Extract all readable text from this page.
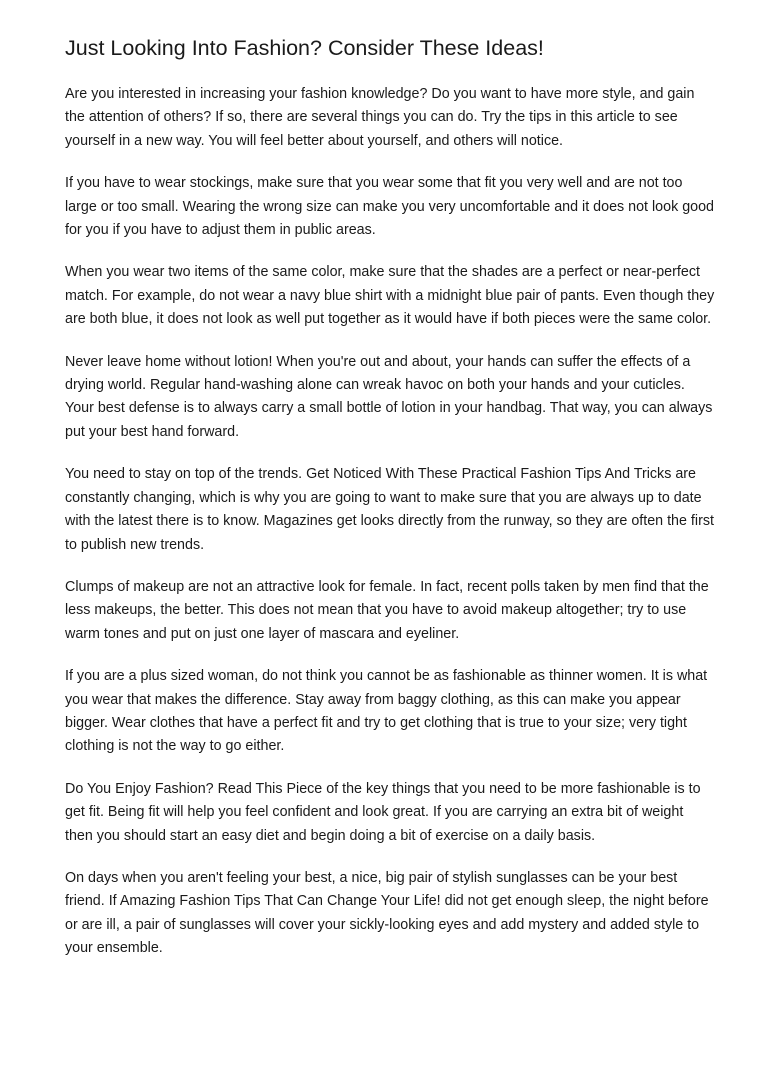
Just Looking Into Fashion? Consider These Ideas!

Are you interested in increasing your fashion knowledge? Do you want to have more style, and gain the attention of others? If so, there are several things you can do. Try the tips in this article to see yourself in a new way. You will feel better about yourself, and others will notice.

If you have to wear stockings, make sure that you wear some that fit you very well and are not too large or too small. Wearing the wrong size can make you very uncomfortable and it does not look good for you if you have to adjust them in public areas.

When you wear two items of the same color, make sure that the shades are a perfect or near-perfect match. For example, do not wear a navy blue shirt with a midnight blue pair of pants. Even though they are both blue, it does not look as well put together as it would have if both pieces were the same color.

Never leave home without lotion! When you're out and about, your hands can suffer the effects of a drying world. Regular hand-washing alone can wreak havoc on both your hands and your cuticles. Your best defense is to always carry a small bottle of lotion in your handbag. That way, you can always put your best hand forward.

You need to stay on top of the trends. Get Noticed With These Practical Fashion Tips And Tricks are constantly changing, which is why you are going to want to make sure that you are always up to date with the latest there is to know. Magazines get looks directly from the runway, so they are often the first to publish new trends.

Clumps of makeup are not an attractive look for female. In fact, recent polls taken by men find that the less makeups, the better. This does not mean that you have to avoid makeup altogether; try to use warm tones and put on just one layer of mascara and eyeliner.

If you are a plus sized woman, do not think you cannot be as fashionable as thinner women. It is what you wear that makes the difference. Stay away from baggy clothing, as this can make you appear bigger. Wear clothes that have a perfect fit and try to get clothing that is true to your size; very tight clothing is not the way to go either.

Do You Enjoy Fashion? Read This Piece of the key things that you need to be more fashionable is to get fit. Being fit will help you feel confident and look great. If you are carrying an extra bit of weight then you should start an easy diet and begin doing a bit of exercise on a daily basis.

On days when you aren't feeling your best, a nice, big pair of stylish sunglasses can be your best friend. If Amazing Fashion Tips That Can Change Your Life! did not get enough sleep, the night before or are ill, a pair of sunglasses will cover your sickly-looking eyes and add mystery and added style to your ensemble.
